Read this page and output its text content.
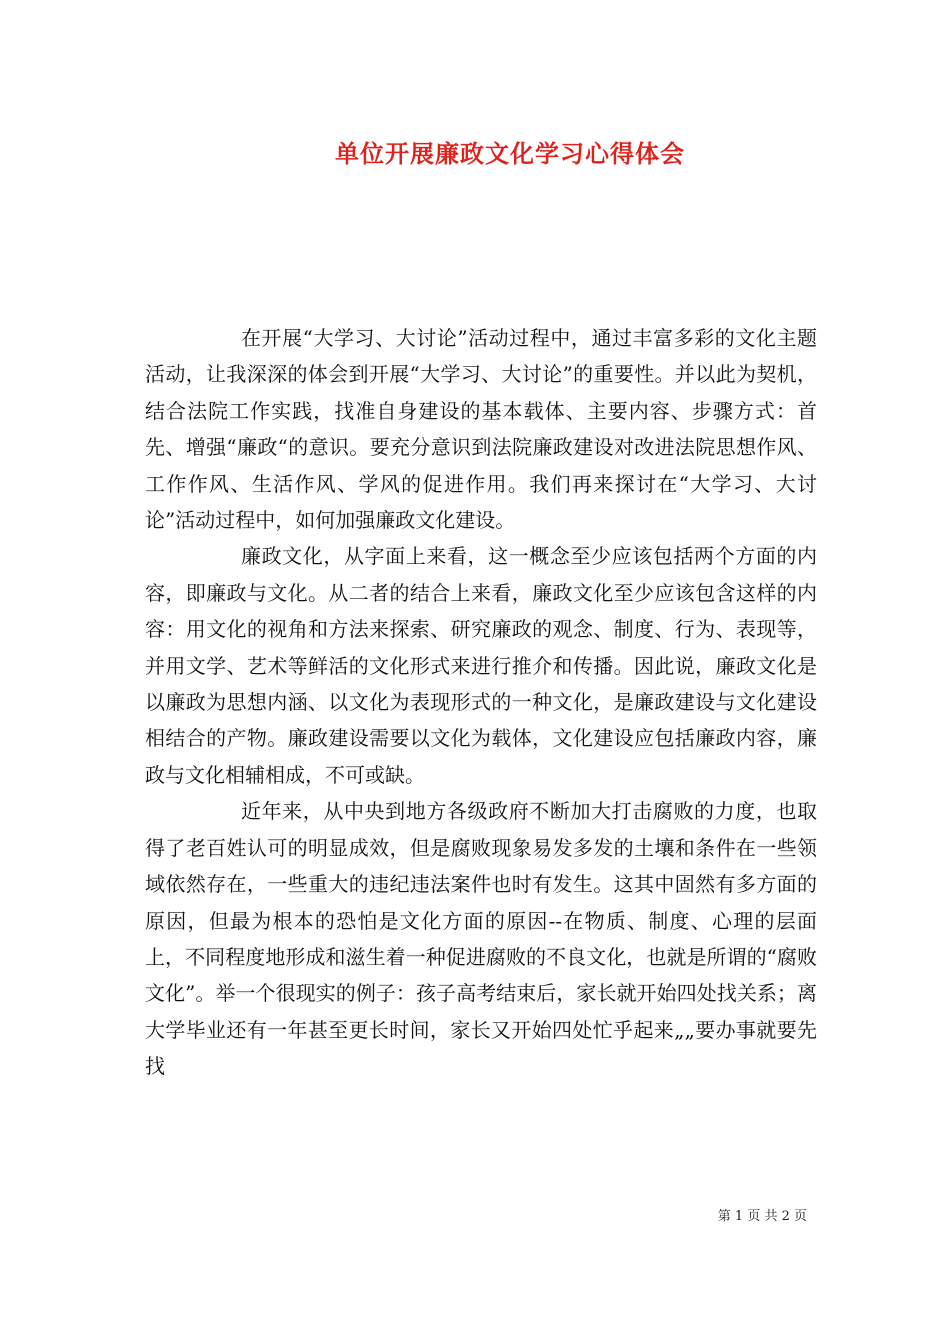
单位开展廉政文化学习心得体会

在开展“大学习、大讨论”活动过程中，通过丰富多彩的文化主题活动，让我深深的体会到开展“大学习、大讨论”的重要性。并以此为契机，结合法院工作实践，找准自身建设的基本载体、主要内容、步骤方式：首先、增强“廉政“的意识。要充分意识到法院廉政建设对改进法院思想作风、工作作风、生活作风、学风的促进作用。我们再来探讨在“大学习、大讨论”活动过程中，如何加强廉政文化建设。

廉政文化，从字面上来看，这一概念至少应该包括两个方面的内容，即廉政与文化。从二者的结合上来看，廉政文化至少应该包含这样的内容：用文化的视角和方法来探索、研究廉政的观念、制度、行为、表现等，并用文学、艺术等鲜活的文化形式来进行推介和传播。因此说，廉政文化是以廉政为思想内涵、以文化为表现形式的一种文化，是廉政建设与文化建设相结合的产物。廉政建设需要以文化为载体，文化建设应包括廉政内容，廉政与文化相辅相成，不可或缺。

近年来，从中央到地方各级政府不断加大打击腐败的力度，也取得了老百姓认可的明显成效，但是腐败现象易发多发的土壤和条件在一些领域依然存在，一些重大的违纪违法案件也时有发生。这其中固然有多方面的原因，但最为根本的恐怕是文化方面的原因--在物质、制度、心理的层面上，不同程度地形成和滋生着一种促进腐败的不良文化，也就是所谓的“腐败文化”。举一个很现实的例子：孩子高考结束后，家长就开始四处找关系；离大学毕业还有一年甚至更长时间，家长又开始四处忙乎起来„„要办事就要先找

第 1 页 共 2 页
